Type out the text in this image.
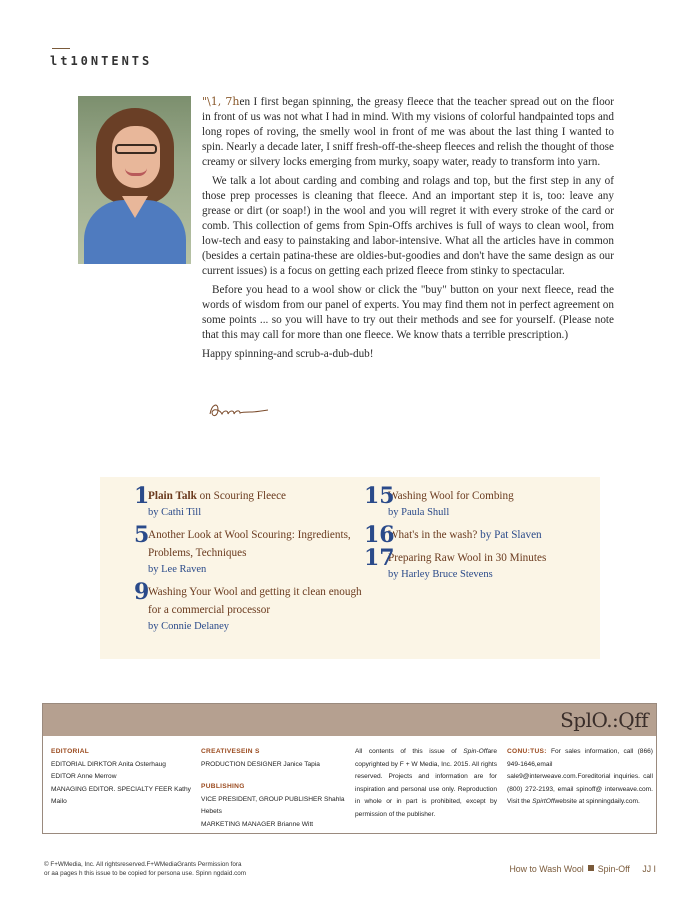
lt10NTENTS

"\1, 7hen I first began spinning, the greasy fleece that the teacher spread out on the floor in front of us was not what I had in mind. With my visions of colorful handpainted tops and long ropes of roving, the smelly wool in front of me was about the last thing I wanted to spin. Nearly a decade later, I sniff fresh-off-the-sheep fleeces and relish the thought of those creamy or silvery locks emerging from murky, soapy water, ready to transform into yarn.

We talk a lot about carding and combing and rolags and top, but the first step in any of those prep processes is cleaning that fleece. And an important step it is, too: leave any grease or dirt (or soap!) in the wool and you will regret it with every stroke of the card or comb. This collection of gems from Spin-Offs archives is full of ways to clean wool, from low-tech and easy to painstaking and labor-intensive. What all the articles have in common (besides a certain patina-these are oldies-but-goodies and don't have the same design as our current issues) is a focus on getting each prized fleece from stinky to spectacular.

Before you head to a wool show or click the "buy" button on your next fleece, read the words of wisdom from our panel of experts. You may find them not in perfect agreement on some points ... so you will have to try out their methods and see for yourself. (Please note that this may call for more than one fleece. We know thats a terrible prescription.)

Happy spinning-and scrub-a-dub-dub!

Anne
1
Plain Talk on Scouring Fleece
by Cathi Till
5
Another Look at Wool Scouring: Ingredients, Problems, Techniques
by Lee Raven
9
Washing Your Wool and getting it clean enough for a commercial processor
by Connie Delaney
15
Washing Wool for Combing
by Paula Shull
16
What's in the wash? by Pat Slaven
17
Preparing Raw Wool in 30 Minutes
by Harley Bruce Stevens
SplO.:Qff
EDITORIAL
EDITORIAL DIRKTOR Anita Osterhaug
EDITOR Anne Merrow
MANAGING EDITOR. SPECIALTY FEER Kathy Mailo
CREATIVESEIN S
PRODUCTION DESIGNER Janice Tapia
PUBLISHING
VICE PRESIDENT, GROUP PUBLISHER Shahla Hebets
MARKETING MANAGER Brianne Witt
All contents of this issue of Spin-Offare copyrighted by F + W Media, Inc. 2015. All rights reserved. Projects and information are for inspiration and personal use only. Reproduction in whole or in part is prohibited, except by permission of the publisher.
CONU:TUS: For sales information, call (866) 949-1646,email sale9@interweave.com.Foreditorial inquiries. call (800) 272-2193, email spinoff@ interweave.com. Visit the SpirtOffwebsite at spinningdaily.com.
© F+WMedia, Inc. All rightsreserved.F+WMediaGrants Permission fora
or aa pages h this issue to be copied for persona use. Spinn ngdaid.com	How to Wash Wool Spin-Off JJ I
